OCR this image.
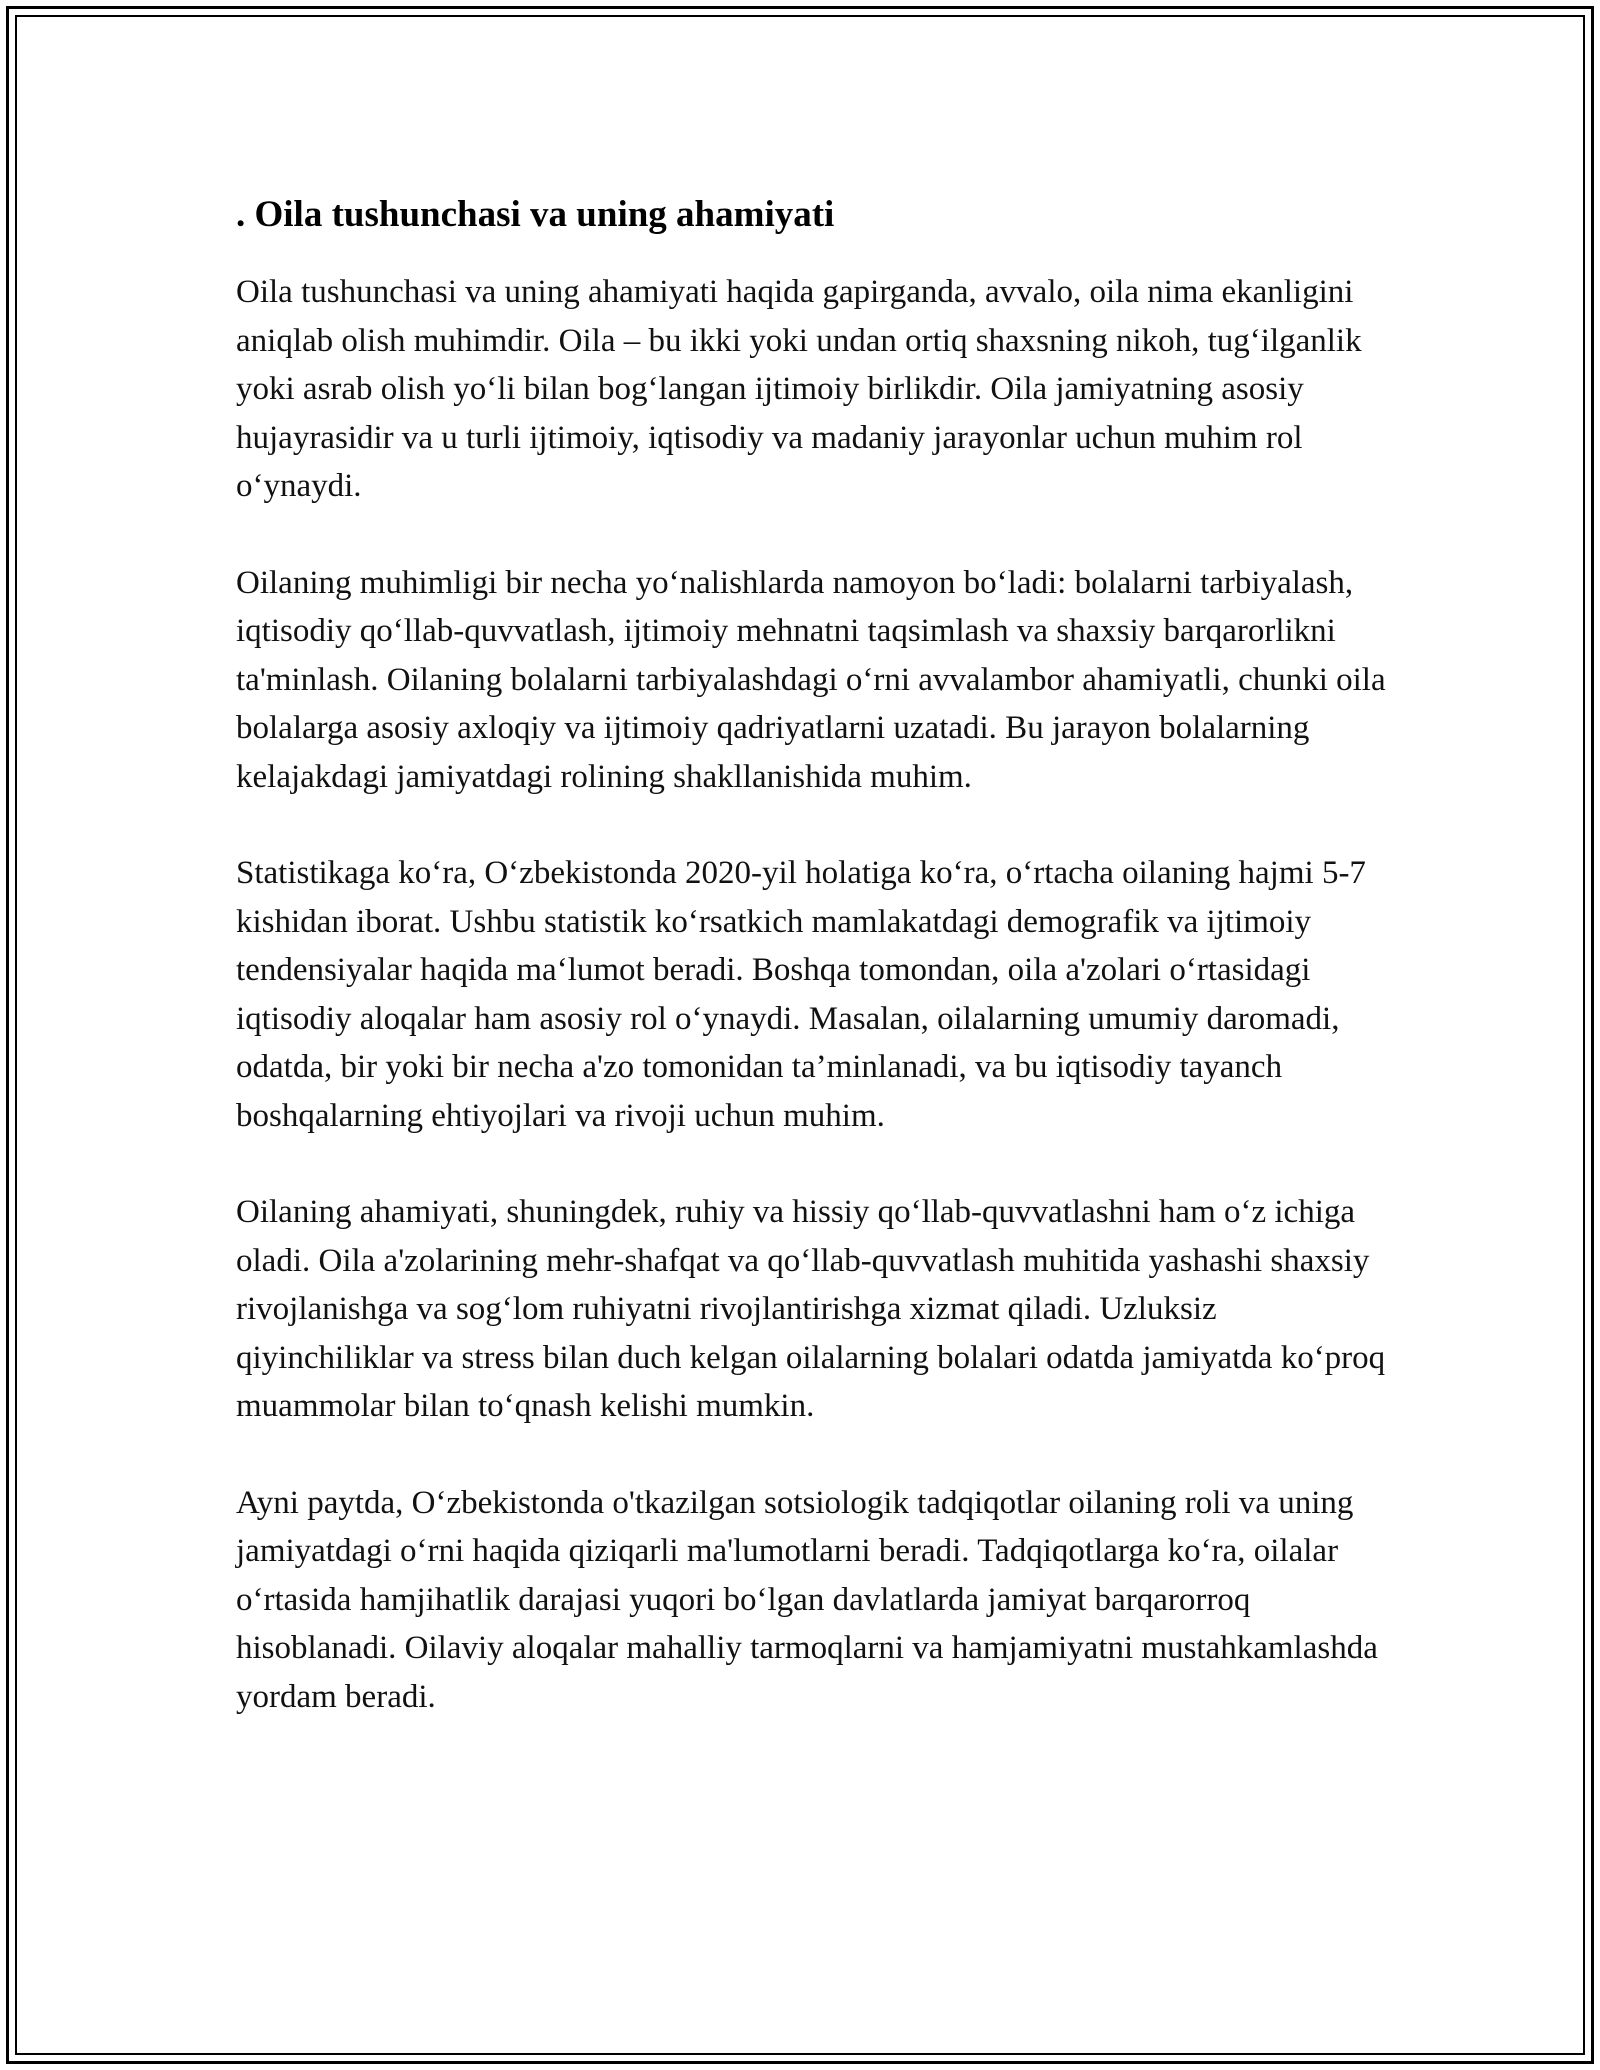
. Oila tushunchasi va uning ahamiyati

Oila tushunchasi va uning ahamiyati haqida gapirganda, avvalo, oila nima ekanligini aniqlab olish muhimdir. Oila – bu ikki yoki undan ortiq shaxsning nikoh, tug‘ilganlik yoki asrab olish yo‘li bilan bog‘langan ijtimoiy birlikdir. Oila jamiyatning asosiy hujayrasidir va u turli ijtimoiy, iqtisodiy va madaniy jarayonlar uchun muhim rol o‘ynaydi.

Oilaning muhimligi bir necha yo‘nalishlarda namoyon bo‘ladi: bolalarni tarbiyalash, iqtisodiy qo‘llab-quvvatlash, ijtimoiy mehnatni taqsimlash va shaxsiy barqarorlikni ta'minlash. Oilaning bolalarni tarbiyalashdagi o‘rni avvalambor ahamiyatli, chunki oila bolalarga asosiy axloqiy va ijtimoiy qadriyatlarni uzatadi. Bu jarayon bolalarning kelajakdagi jamiyatdagi rolining shakllanishida muhim.

Statistikaga ko‘ra, O‘zbekistonda 2020-yil holatiga ko‘ra, o‘rtacha oilaning hajmi 5-7 kishidan iborat. Ushbu statistik ko‘rsatkich mamlakatdagi demografik va ijtimoiy tendensiyalar haqida ma‘lumot beradi. Boshqa tomondan, oila a'zolari o‘rtasidagi iqtisodiy aloqalar ham asosiy rol o‘ynaydi. Masalan, oilalarning umumiy daromadi, odatda, bir yoki bir necha a'zo tomonidan ta’minlanadi, va bu iqtisodiy tayanch boshqalarning ehtiyojlari va rivoji uchun muhim.

Oilaning ahamiyati, shuningdek, ruhiy va hissiy qo‘llab-quvvatlashni ham o‘z ichiga oladi. Oila a'zolarining mehr-shafqat va qo‘llab-quvvatlash muhitida yashashi shaxsiy rivojlanishga va sog‘lom ruhiyatni rivojlantirishga xizmat qiladi. Uzluksiz qiyinchiliklar va stress bilan duch kelgan oilalarning bolalari odatda jamiyatda ko‘proq muammolar bilan to‘qnash kelishi mumkin.

Ayni paytda, O‘zbekistonda o'tkazilgan sotsiologik tadqiqotlar oilaning roli va uning jamiyatdagi o‘rni haqida qiziqarli ma'lumotlarni beradi. Tadqiqotlarga ko‘ra, oilalar o‘rtasida hamjihatlik darajasi yuqori bo‘lgan davlatlarda jamiyat barqarorroq hisoblanadi. Oilaviy aloqalar mahalliy tarmoqlarni va hamjamiyatni mustahkamlashda yordam beradi.
